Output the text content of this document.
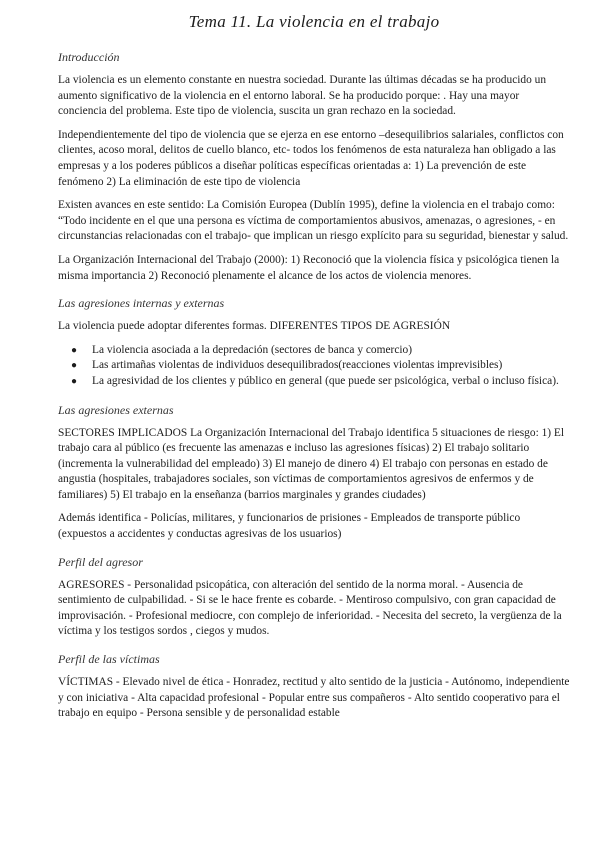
Tema 11. La violencia en el trabajo
Introducción

La violencia es un elemento constante en nuestra sociedad. Durante las últimas décadas se ha producido un aumento significativo de la violencia en el entorno laboral. Se ha producido porque: . Hay una mayor conciencia del problema. Este tipo de violencia, suscita un gran rechazo en la sociedad.

Independientemente del tipo de violencia que se ejerza en ese entorno –desequilibrios salariales, conflictos con clientes, acoso moral, delitos de cuello blanco, etc- todos los fenómenos de esta naturaleza han obligado a las empresas y a los poderes públicos a diseñar políticas específicas orientadas a: 1) La prevención de este fenómeno 2) La eliminación de este tipo de violencia

Existen avances en este sentido: La Comisión Europea (Dublín 1995), define la violencia en el trabajo como: “Todo incidente en el que una persona es víctima de comportamientos abusivos, amenazas, o agresiones, - en circunstancias relacionadas con el trabajo- que implican un riesgo explícito para su seguridad, bienestar y salud.

La Organización Internacional del Trabajo (2000): 1) Reconoció que la violencia física y psicológica tienen la misma importancia 2) Reconoció plenamente el alcance de los actos de violencia menores.

Las agresiones internas y externas

La violencia puede adoptar diferentes formas. DIFERENTES TIPOS DE AGRESIÓN

● La violencia asociada a la depredación (sectores de banca y comercio)
● Las artimañas violentas de individuos desequilibrados(reacciones violentas imprevisibles)
● La agresividad de los clientes y público en general (que puede ser psicológica, verbal o incluso física).
Las agresiones externas

SECTORES IMPLICADOS La Organización Internacional del Trabajo identifica 5 situaciones de riesgo: 1) El trabajo cara al público (es frecuente las amenazas e incluso las agresiones físicas) 2) El trabajo solitario (incrementa la vulnerabilidad del empleado) 3) El manejo de dinero 4) El trabajo con personas en estado de angustia (hospitales, trabajadores sociales, son víctimas de comportamientos agresivos de enfermos y de familiares) 5) El trabajo en la enseñanza (barrios marginales y grandes ciudades)

Además identifica - Policías, militares, y funcionarios de prisiones - Empleados de transporte público (expuestos a accidentes y conductas agresivas de los usuarios)

Perfil del agresor

AGRESORES - Personalidad psicopática, con alteración del sentido de la norma moral. - Ausencia de sentimiento de culpabilidad. - Si se le hace frente es cobarde. - Mentiroso compulsivo, con gran capacidad de improvisación. - Profesional mediocre, con complejo de inferioridad. - Necesita del secreto, la vergüenza de la víctima y los testigos sordos , ciegos y mudos.

Perfil de las víctimas

VÍCTIMAS - Elevado nivel de ética - Honradez, rectitud y alto sentido de la justicia - Autónomo, independiente y con iniciativa - Alta capacidad profesional - Popular entre sus compañeros - Alto sentido cooperativo para el trabajo en equipo - Persona sensible y de personalidad estable
